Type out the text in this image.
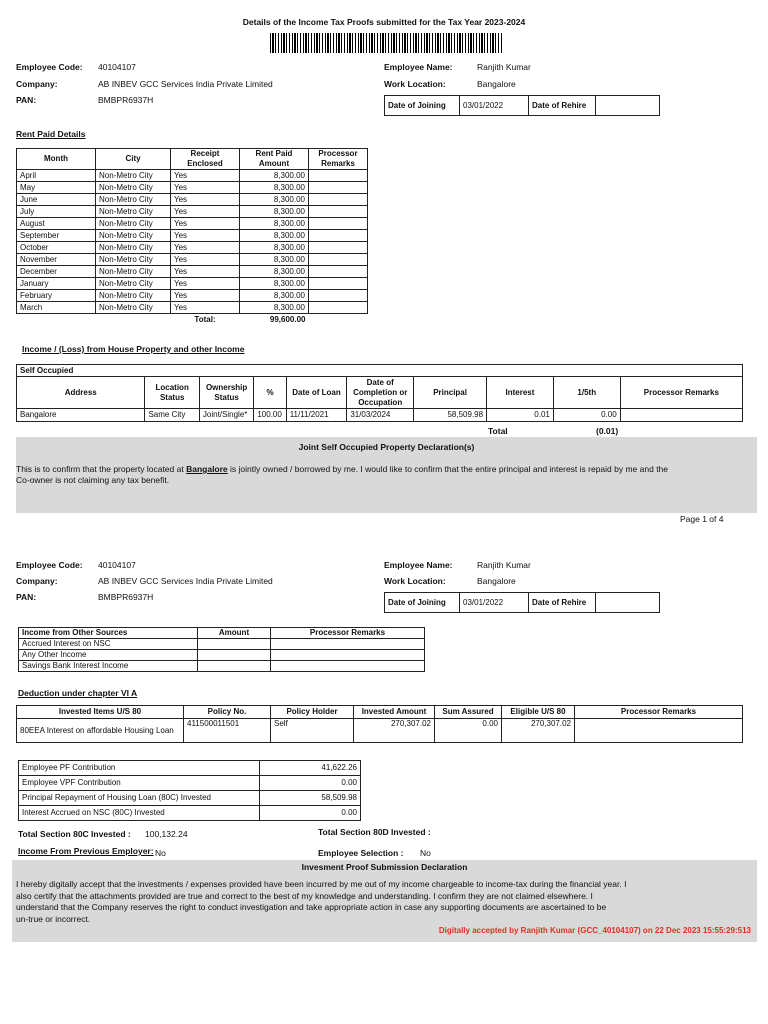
Details of the Income Tax Proofs submitted for the Tax Year 2023-2024
Employee Code: 40104107
Company:	AB INBEV GCC Services India Private Limited
PAN:	BMBPR6937H
Employee Name:	Ranjith Kumar
Work Location:	Bangalore
Date of Joining	03/01/2022	Date of Rehire	
Rent Paid Details
Month	City	Receipt Enclosed	Rent Paid Amount	Processor Remarks
April	Non-Metro City	Yes	8,300.00	
May	Non-Metro City	Yes	8,300.00	
June	Non-Metro City	Yes	8,300.00	
July	Non-Metro City	Yes	8,300.00	
August	Non-Metro City	Yes	8,300.00	
September	Non-Metro City	Yes	8,300.00	
October	Non-Metro City	Yes	8,300.00	
November	Non-Metro City	Yes	8,300.00	
December	Non-Metro City	Yes	8,300.00	
January	Non-Metro City	Yes	8,300.00	
February	Non-Metro City	Yes	8,300.00	
March	Non-Metro City	Yes	8,300.00	
		Total:	99,600.00	
Income / (Loss) from House Property and other Income
Self Occupied									
Address	Location Status	Ownership Status	%	Date of Loan	Date of Completion or Occupation	Principal	Interest	1/5th	Processor Remarks
Bangalore	Same City	Joint/Single*	100.00	11/11/2021	31/03/2024	58,509.98	0.01	0.00	
Total	(0.01)
Joint Self Occupied Property Declaration(s)
This is to confirm that the property located at Bangalore is jointly owned / borrowed by me. I would like to confirm that the entire principal and interest is repaid by me and the
Co-owner is not claiming any tax benefit.
Page 1 of 4
Employee Code: 40104107
Company:	AB INBEV GCC Services India Private Limited
PAN:	BMBPR6937H
Employee Name:	Ranjith Kumar
Work Location:	Bangalore
Date of Joining	03/01/2022	Date of Rehire	
Income from Other Sources	Amount	Processor Remarks
Accrued Interest on NSC		
Any Other Income		
Savings Bank Interest Income		
Deduction under chapter VI A
Invested Items U/S 80	Policy No.	Policy Holder	Invested Amount	Sum Assured	Eligible U/S 80	Processor Remarks
80EEA Interest on affordable Housing Loan	411500011501	Self	270,307.02	0.00	270,307.02	
Employee PF Contribution	41,622.26
Employee VPF Contribution	0.00
Principal Repayment of Housing Loan (80C) Invested	58,509.98
Interest Accrued on NSC (80C) Invested	0.00
Total Section 80C Invested : 100,132.24	Total Section 80D Invested :
Income From Previous Employer: No	Employee Selection : No
Invesment Proof Submission Declaration
I hereby digitally accept that the investments / expenses provided have been incurred by me out of my income chargeable to income-tax during the financial year. I
also certify that the attachments provided are true and correct to the best of my knowledge and understanding. I confirm they are not claimed elsewhere. I
understand that the Company reserves the right to conduct investigation and take appropriate action in case any supporting documents are ascertained to be
un-true or incorrect.
Digitally accepted by Ranjith Kumar (GCC_40104107) on 22 Dec 2023 15:55:29:513
